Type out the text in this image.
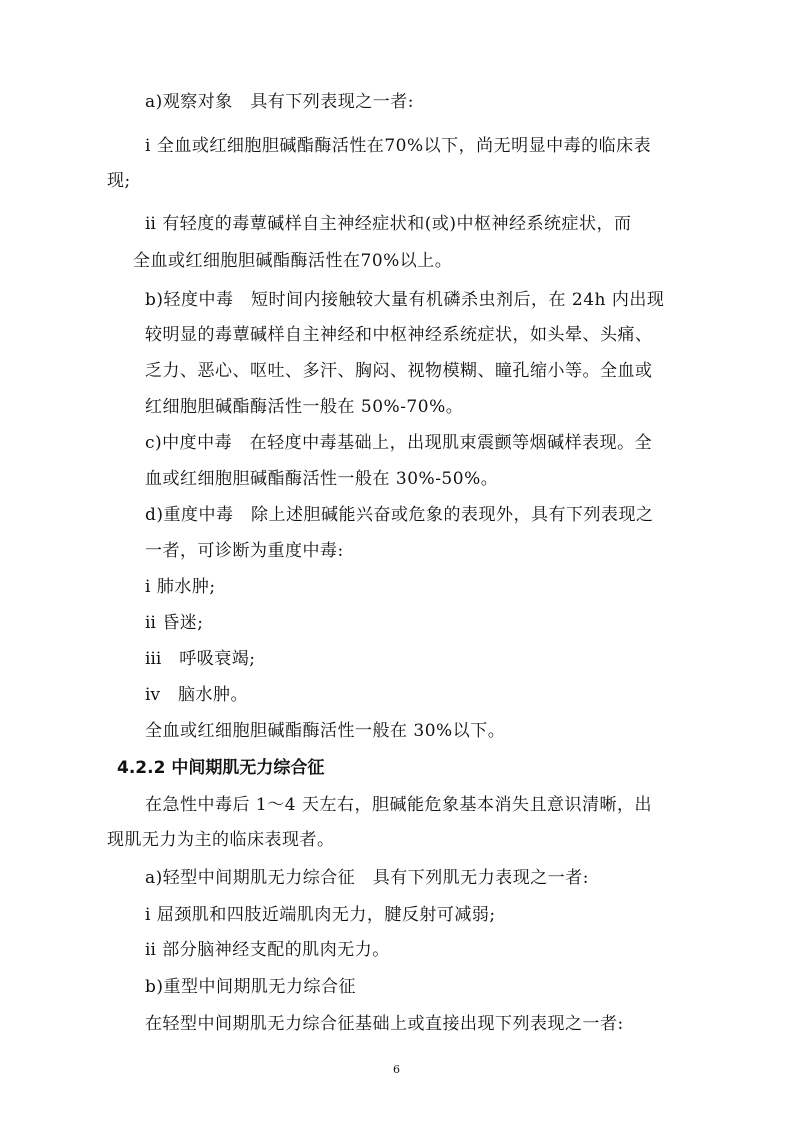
a)观察对象　具有下列表现之一者:
ⅰ 全血或红细胞胆碱酯酶活性在70%以下，尚无明显中毒的临床表
现;
ⅱ 有轻度的毒蕈碱样自主神经症状和(或)中枢神经系统症状，而
全血或红细胞胆碱酯酶活性在70%以上。
b)轻度中毒　短时间内接触较大量有机磷杀虫剂后，在 24h 内出现
较明显的毒蕈碱样自主神经和中枢神经系统症状，如头晕、头痛、
乏力、恶心、呕吐、多汗、胸闷、视物模糊、瞳孔缩小等。全血或
红细胞胆碱酯酶活性一般在 50%-70%。
c)中度中毒　在轻度中毒基础上，出现肌束震颤等烟碱样表现。全
血或红细胞胆碱酯酶活性一般在 30%-50%。
d)重度中毒　除上述胆碱能兴奋或危象的表现外，具有下列表现之
一者，可诊断为重度中毒:
ⅰ 肺水肿;
ⅱ 昏迷;
ⅲ　呼吸衰竭;
ⅳ　脑水肿。
全血或红细胞胆碱酯酶活性一般在 30%以下。
4.2.2 中间期肌无力综合征
在急性中毒后 1～4 天左右，胆碱能危象基本消失且意识清晰，出
现肌无力为主的临床表现者。
a)轻型中间期肌无力综合征　具有下列肌无力表现之一者:
ⅰ 屈颈肌和四肢近端肌肉无力，腱反射可减弱;
ⅱ 部分脑神经支配的肌肉无力。
b)重型中间期肌无力综合征
在轻型中间期肌无力综合征基础上或直接出现下列表现之一者:
6
